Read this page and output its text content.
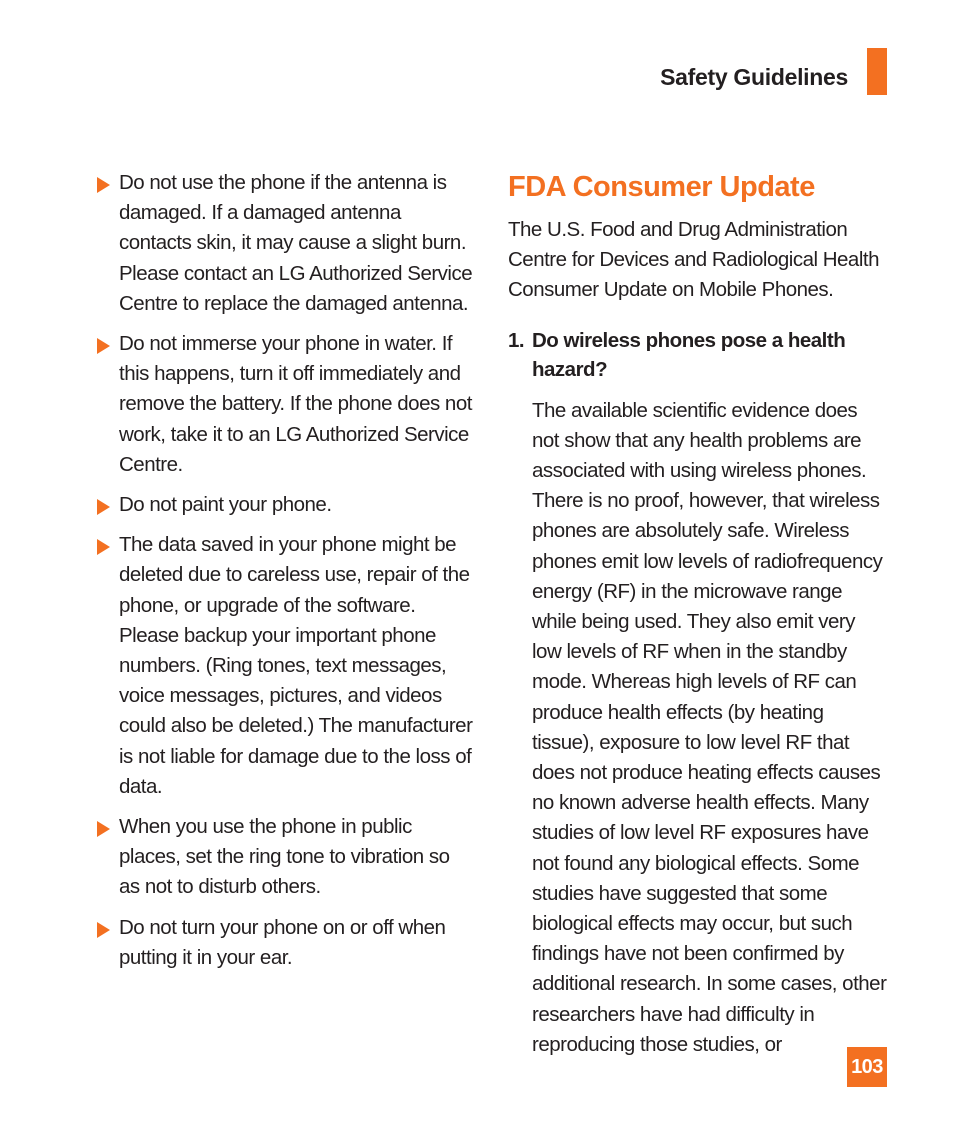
Safety Guidelines
Do not use the phone if the antenna is damaged. If a damaged antenna contacts skin, it may cause a slight burn. Please contact an LG Authorized Service Centre to replace the damaged antenna.
Do not immerse your phone in water. If this happens, turn it off immediately and remove the battery. If the phone does not work, take it to an LG Authorized Service Centre.
Do not paint your phone.
The data saved in your phone might be deleted due to careless use, repair of the phone, or upgrade of the software. Please backup your important phone numbers. (Ring tones, text messages, voice messages, pictures, and videos could also be deleted.) The manufacturer is not liable for damage due to the loss of data.
When you use the phone in public places, set the ring tone to vibration so as not to disturb others.
Do not turn your phone on or off when putting it in your ear.
FDA Consumer Update
The U.S. Food and Drug Administration Centre for Devices and Radiological Health Consumer Update on Mobile Phones.
1. Do wireless phones pose a health hazard?
The available scientific evidence does not show that any health problems are associated with using wireless phones. There is no proof, however, that wireless phones are absolutely safe. Wireless phones emit low levels of radiofrequency energy (RF) in the microwave range while being used. They also emit very low levels of RF when in the standby mode. Whereas high levels of RF can produce health effects (by heating tissue), exposure to low level RF that does not produce heating effects causes no known adverse health effects. Many studies of low level RF exposures have not found any biological effects. Some studies have suggested that some biological effects may occur, but such findings have not been confirmed by additional research. In some cases, other researchers have had difficulty in reproducing those studies, or
103
